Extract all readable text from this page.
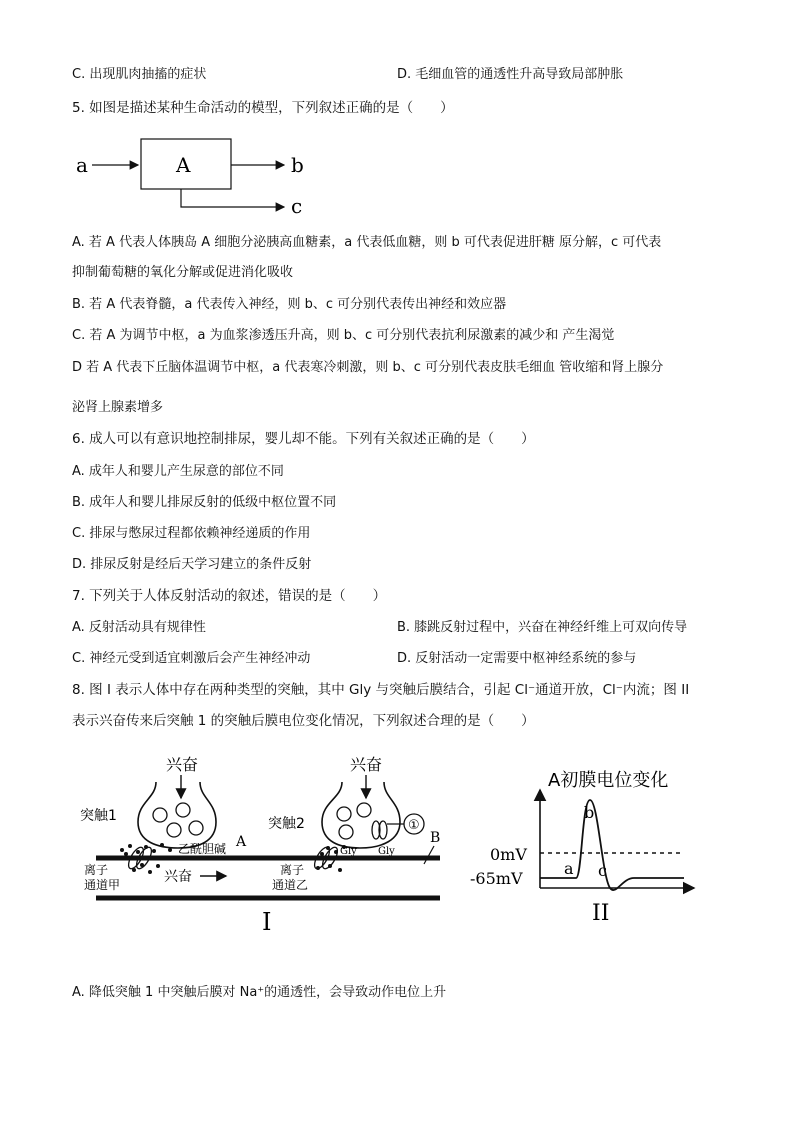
C. 出现肌肉抽搐的症状	D. 毛细血管的通透性升高导致局部肿胀
5. 如图是描述某种生命活动的模型，下列叙述正确的是（　　）
a	A	b
c
A. 若 A 代表人体胰岛 A 细胞分泌胰高血糖素，a 代表低血糖，则 b 可代表促进肝糖 原分解，c 可代表
抑制葡萄糖的氧化分解或促进消化吸收
B. 若 A 代表脊髓，a 代表传入神经，则 b、c 可分别代表传出神经和效应器
C. 若 A 为调节中枢，a 为血浆渗透压升高，则 b、c 可分别代表抗利尿激素的减少和 产生渴觉
D 若 A 代表下丘脑体温调节中枢，a 代表寒冷刺激，则 b、c 可分别代表皮肤毛细血 管收缩和肾上腺分
泌肾上腺素增多
6. 成人可以有意识地控制排尿，婴儿却不能。下列有关叙述正确的是（　　）
A. 成年人和婴儿产生尿意的部位不同
B. 成年人和婴儿排尿反射的低级中枢位置不同
C. 排尿与憋尿过程都依赖神经递质的作用
D. 排尿反射是经后天学习建立的条件反射
7. 下列关于人体反射活动的叙述，错误的是（　　）
A. 反射活动具有规律性	B. 膝跳反射过程中，兴奋在神经纤维上可双向传导
C. 神经元受到适宜刺激后会产生神经冲动	D. 反射活动一定需要中枢神经系统的参与
8. 图 I 表示人体中存在两种类型的突触，其中 Gly 与突触后膜结合，引起 Cl⁻通道开放，Cl⁻内流；图 II
表示兴奋传来后突触 1 的突触后膜电位变化情况，下列叙述合理的是（　　）
兴奋
突触1
乙酰胆碱 A
离子
通道甲	兴奋
兴奋
突触2	①
Gly Gly
离子
通道乙
B
I
A初膜电位变化
0mV
-65mV
a
b
c
II
A. 降低突触 1 中突触后膜对 Na⁺的通透性，会导致动作电位上升
